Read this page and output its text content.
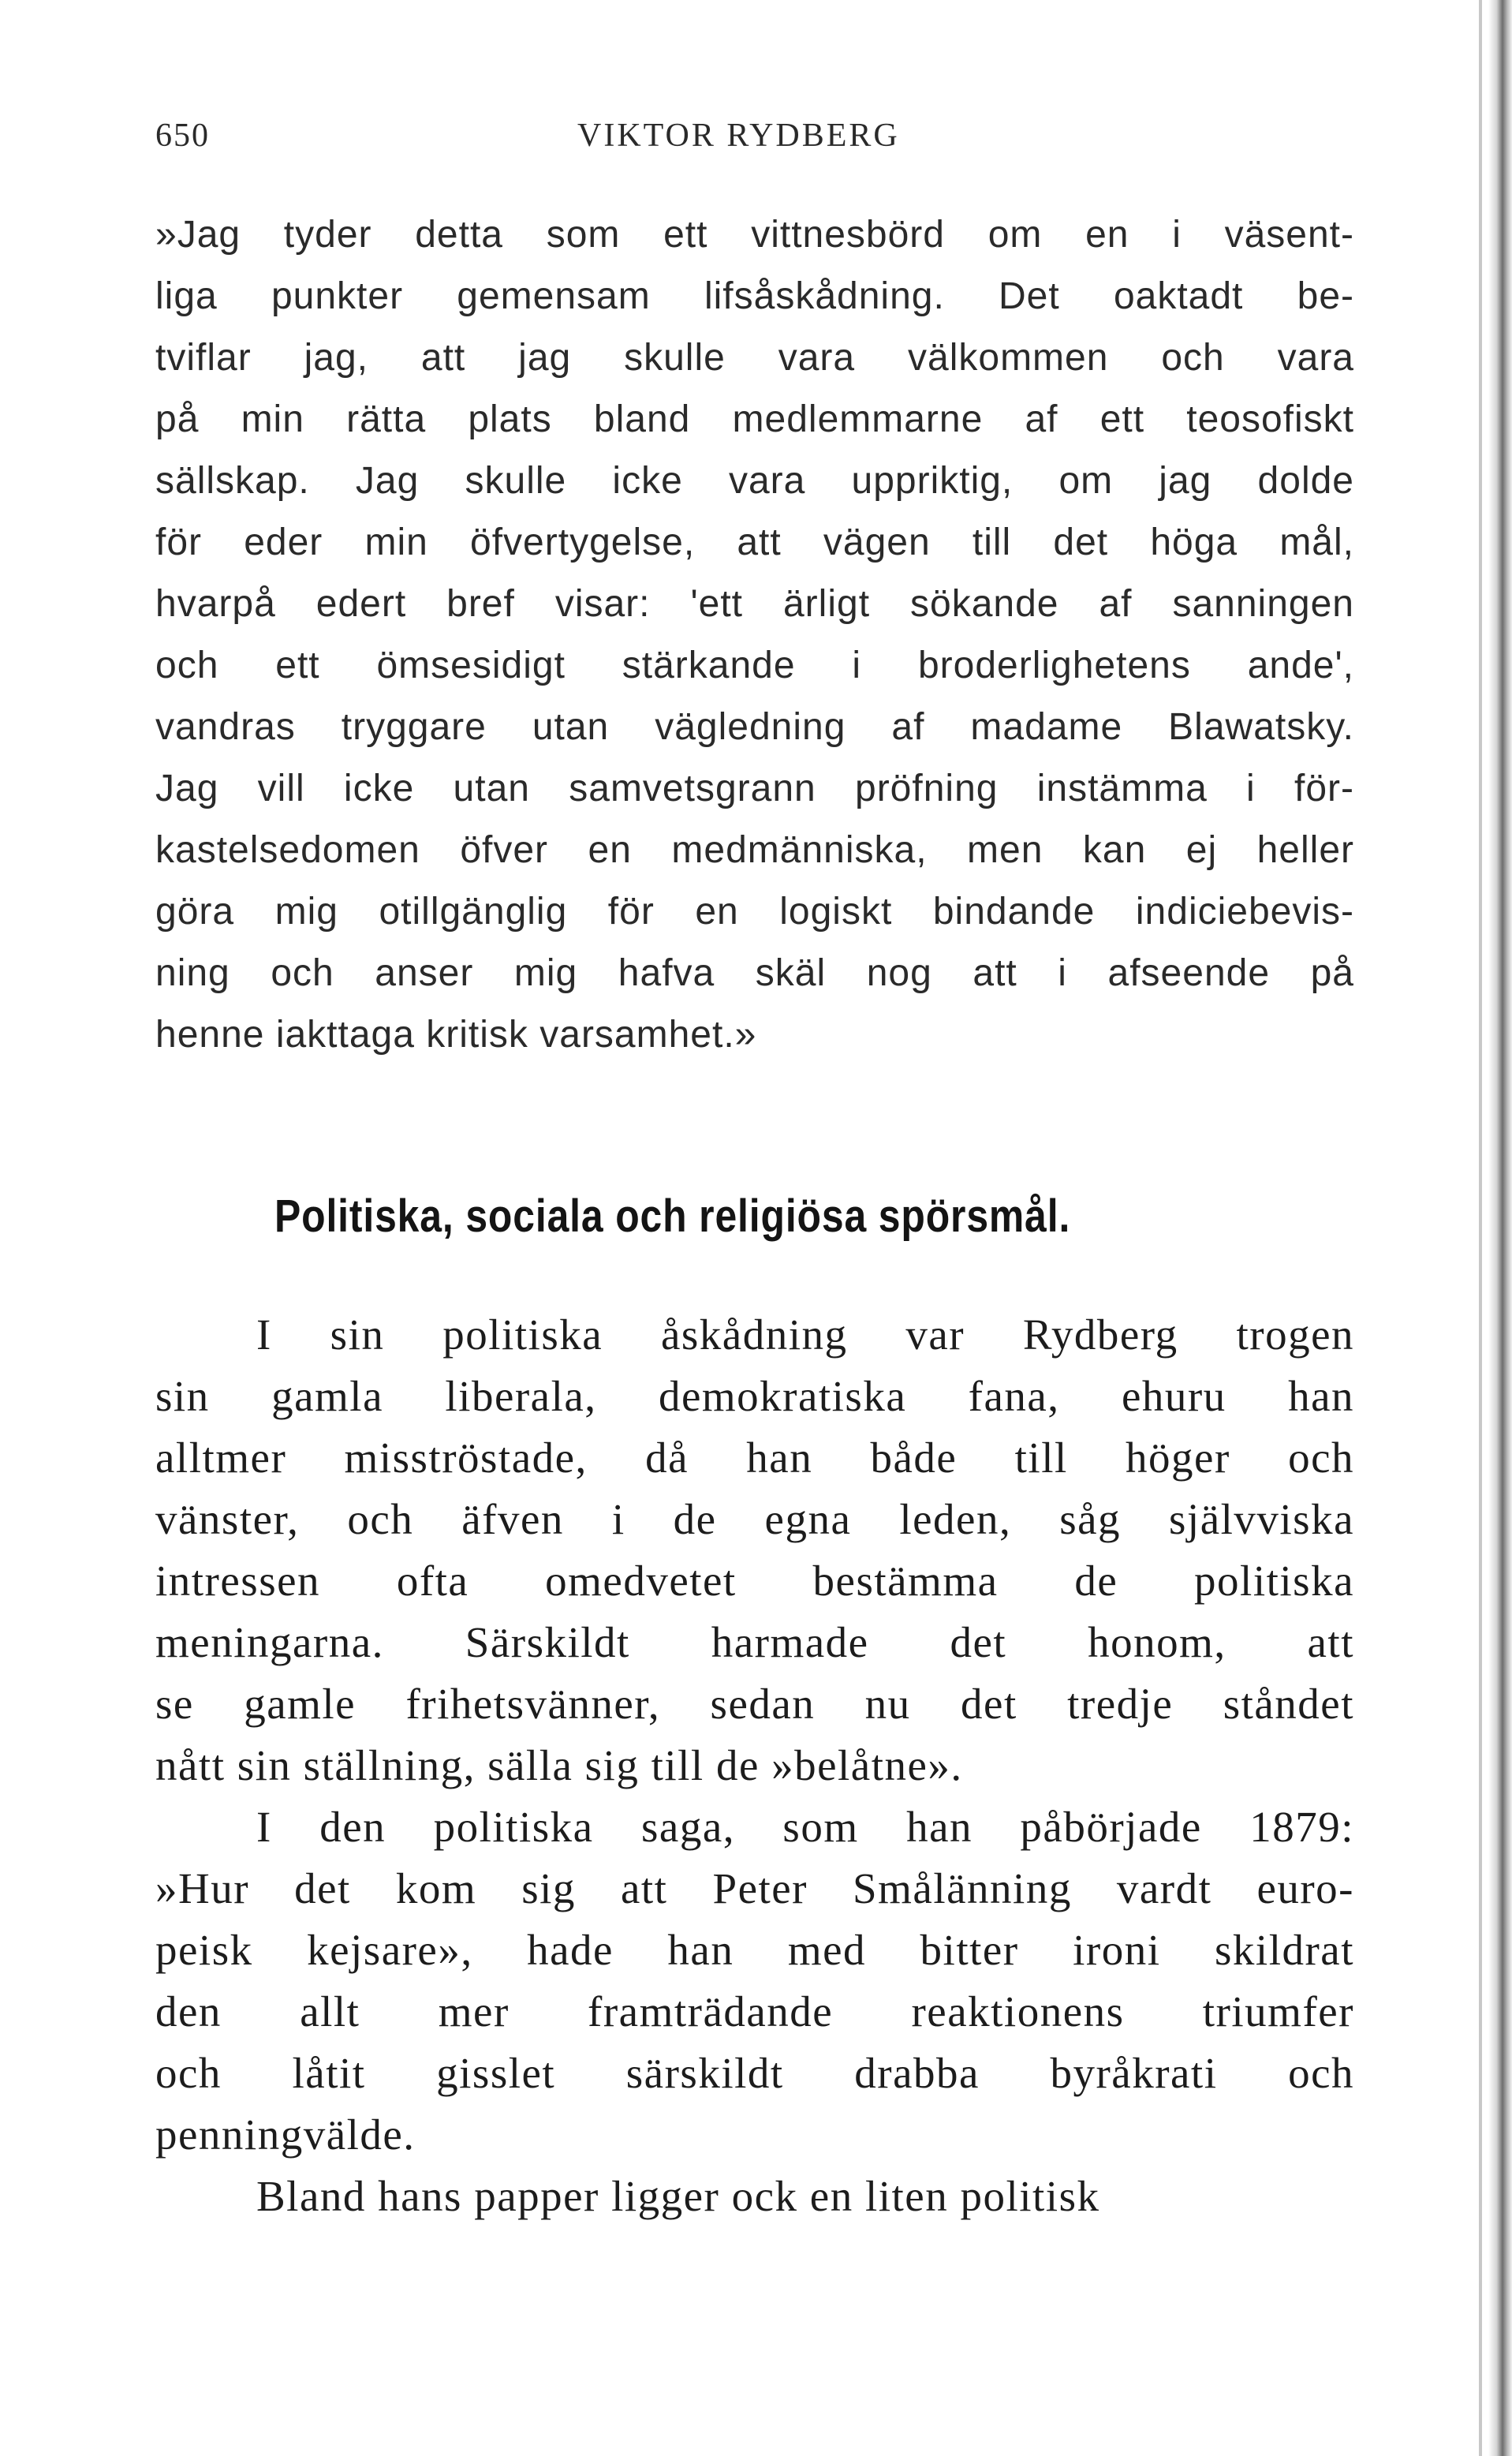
650	VIKTOR RYDBERG
»Jag tyder detta som ett vittnesbörd om en i väsent-
liga punkter gemensam lifsåskådning. Det oaktadt be-
tviflar jag, att jag skulle vara välkommen och vara
på min rätta plats bland medlemmarne af ett teosofiskt
sällskap. Jag skulle icke vara uppriktig, om jag dolde
för eder min öfvertygelse, att vägen till det höga mål,
hvarpå edert bref visar: 'ett ärligt sökande af sanningen
och ett ömsesidigt stärkande i broderlighetens ande',
vandras tryggare utan vägledning af madame Blawatsky.
Jag vill icke utan samvetsgrann pröfning instämma i för-
kastelsedomen öfver en medmänniska, men kan ej heller
göra mig otillgänglig för en logiskt bindande indiciebevis-
ning och anser mig hafva skäl nog att i afseende på
henne iakttaga kritisk varsamhet.»
Politiska, sociala och religiösa spörsmål.
I sin politiska åskådning var Rydberg trogen
sin gamla liberala, demokratiska fana, ehuru han
alltmer misströstade, då han både till höger och
vänster, och äfven i de egna leden, såg självviska
intressen ofta omedvetet bestämma de politiska
meningarna. Särskildt harmade det honom, att
se gamle frihetsvänner, sedan nu det tredje ståndet
nått sin ställning, sälla sig till de »belåtne».
I den politiska saga, som han påbörjade 1879:
»Hur det kom sig att Peter Smålänning vardt euro-
peisk kejsare», hade han med bitter ironi skildrat
den allt mer framträdande reaktionens triumfer
och låtit gisslet särskildt drabba byråkrati och
penningvälde.
Bland hans papper ligger ock en liten politisk
